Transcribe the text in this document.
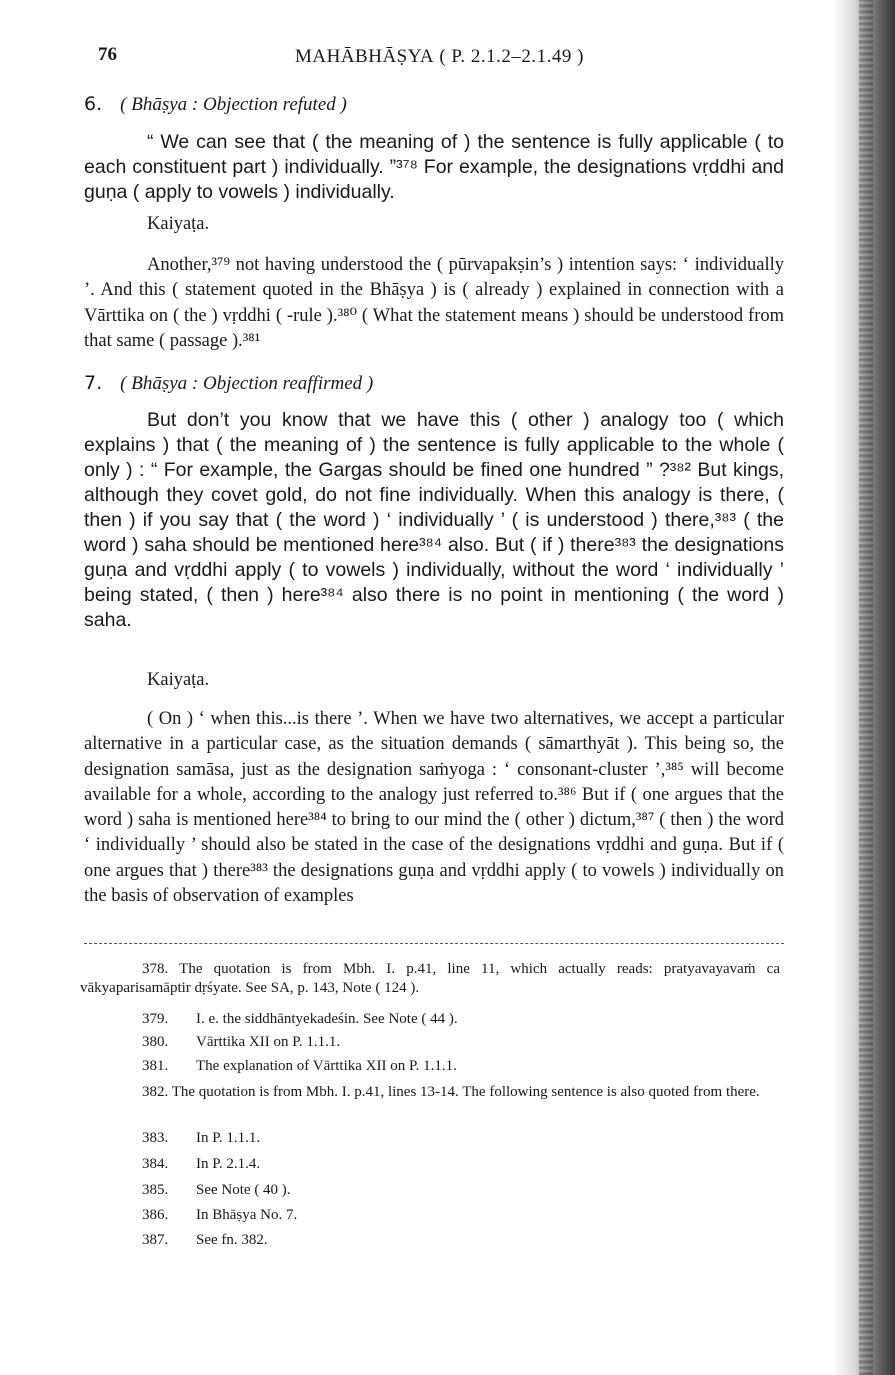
76	MAHĀBHĀṢYA ( P. 2.1.2–2.1.49 )
6. ( Bhāṣya : Objection refuted )
“ We can see that ( the meaning of ) the sentence is fully applicable ( to each constituent part ) individually. ”³⁷⁸ For example, the designations vṛddhi and guṇa ( apply to vowels ) individually.
Kaiyaṭa.
Another,³⁷⁹ not having understood the ( pūrvapakṣin’s ) intention says: ‘ individually ’. And this ( statement quoted in the Bhāṣya ) is ( already ) explained in connection with a Vārttika on ( the ) vṛddhi ( -rule ).³⁸⁰ ( What the statement means ) should be understood from that same ( passage ).³⁸¹
7. ( Bhāṣya : Objection reaffirmed )
But don’t you know that we have this ( other ) analogy too ( which explains ) that ( the meaning of ) the sentence is fully applicable to the whole ( only ) : “ For example, the Gargas should be fined one hundred ” ?³⁸² But kings, although they covet gold, do not fine individually. When this analogy is there, ( then ) if you say that ( the word ) ‘ individually ’ ( is understood ) there,³⁸³ ( the word ) saha should be mentioned here³⁸⁴ also. But ( if ) there³⁸³ the designations guṇa and vṛddhi apply ( to vowels ) individually, without the word ‘ individually ’ being stated, ( then ) here³⁸⁴ also there is no point in mentioning ( the word ) saha.
Kaiyaṭa.
( On ) ‘ when this...is there ’. When we have two alternatives, we accept a particular alternative in a particular case, as the situation demands ( sāmarthyāt ). This being so, the designation samāsa, just as the designation saṁyoga : ‘ consonant-cluster ’,³⁸⁵ will become available for a whole, according to the analogy just referred to.³⁸⁶ But if ( one argues that the word ) saha is mentioned here³⁸⁴ to bring to our mind the ( other ) dictum,³⁸⁷ ( then ) the word ‘ individually ’ should also be stated in the case of the designations vṛddhi and guṇa. But if ( one argues that ) there³⁸³ the designations guṇa and vṛddhi apply ( to vowels ) individually on the basis of observation of examples
378. The quotation is from Mbh. I. p.41, line 11, which actually reads: pratyavayavaṁ ca vākyaparisamāptir dṛśyate. See SA, p. 143, Note ( 124 ).
379. I. e. the siddhāntyekadeśin. See Note ( 44 ).
380. Vārttika XII on P. 1.1.1.
381. The explanation of Vārttika XII on P. 1.1.1.
382. The quotation is from Mbh. I. p.41, lines 13-14. The following sentence is also quoted from there.
383. In P. 1.1.1.
384. In P. 2.1.4.
385. See Note ( 40 ).
386. In Bhāṣya No. 7.
387. See fn. 382.
